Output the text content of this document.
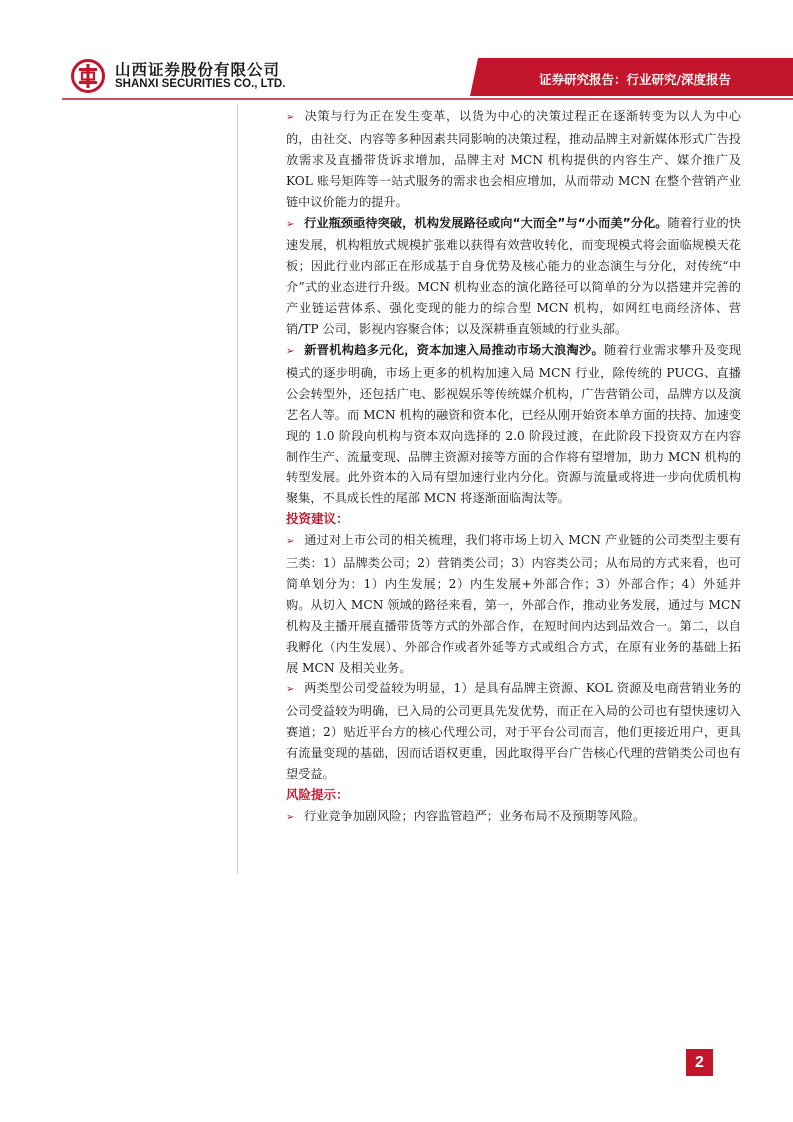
山西证券股份有限公司
SHANXI SECURITIES CO., LTD.	证券研究报告：行业研究/深度报告

➢ 决策与行为正在发生变革，以货为中心的决策过程正在逐渐转变为以人为中心的，由社交、内容等多种因素共同影响的决策过程，推动品牌主对新媒体形式广告投放需求及直播带货诉求增加，品牌主对 MCN 机构提供的内容生产、媒介推广及 KOL 账号矩阵等一站式服务的需求也会相应增加，从而带动 MCN 在整个营销产业链中议价能力的提升。

➢ 行业瓶颈亟待突破，机构发展路径或向“大而全”与“小而美”分化。随着行业的快速发展，机构粗放式规模扩张难以获得有效营收转化，而变现模式将会面临规模天花板；因此行业内部正在形成基于自身优势及核心能力的业态演生与分化，对传统“中介”式的业态进行升级。MCN 机构业态的演化路径可以简单的分为以搭建并完善的产业链运营体系、强化变现的能力的综合型 MCN 机构，如网红电商经济体、营销/TP 公司，影视内容聚合体；以及深耕垂直领域的行业头部。

➢ 新晋机构趋多元化，资本加速入局推动市场大浪淘沙。随着行业需求攀升及变现模式的逐步明确，市场上更多的机构加速入局 MCN 行业，除传统的 PUCG、直播公会转型外，还包括广电、影视娱乐等传统媒介机构，广告营销公司，品牌方以及演艺名人等。而 MCN 机构的融资和资本化，已经从刚开始资本单方面的扶持、加速变现的 1.0 阶段向机构与资本双向选择的 2.0 阶段过渡，在此阶段下投资双方在内容制作生产、流量变现、品牌主资源对接等方面的合作将有望增加，助力 MCN 机构的转型发展。此外资本的入局有望加速行业内分化。资源与流量或将进一步向优质机构聚集，不具成长性的尾部 MCN 将逐渐面临淘汰等。

投资建议：

➢ 通过对上市公司的相关梳理，我们将市场上切入 MCN 产业链的公司类型主要有三类：1）品牌类公司；2）营销类公司；3）内容类公司；从布局的方式来看，也可简单划分为：1）内生发展；2）内生发展+外部合作；3）外部合作；4）外延并购。从切入 MCN 领域的路径来看，第一，外部合作，推动业务发展，通过与 MCN 机构及主播开展直播带货等方式的外部合作，在短时间内达到品效合一。第二，以自我孵化（内生发展）、外部合作或者外延等方式或组合方式，在原有业务的基础上拓展 MCN 及相关业务。

➢ 两类型公司受益较为明显，1）是具有品牌主资源、KOL 资源及电商营销业务的公司受益较为明确，已入局的公司更具先发优势，而正在入局的公司也有望快速切入赛道；2）贴近平台方的核心代理公司，对于平台公司而言，他们更接近用户，更具有流量变现的基础，因而话语权更重，因此取得平台广告核心代理的营销类公司也有望受益。

风险提示：

➢ 行业竞争加剧风险；内容监管趋严；业务布局不及预期等风险。

2
